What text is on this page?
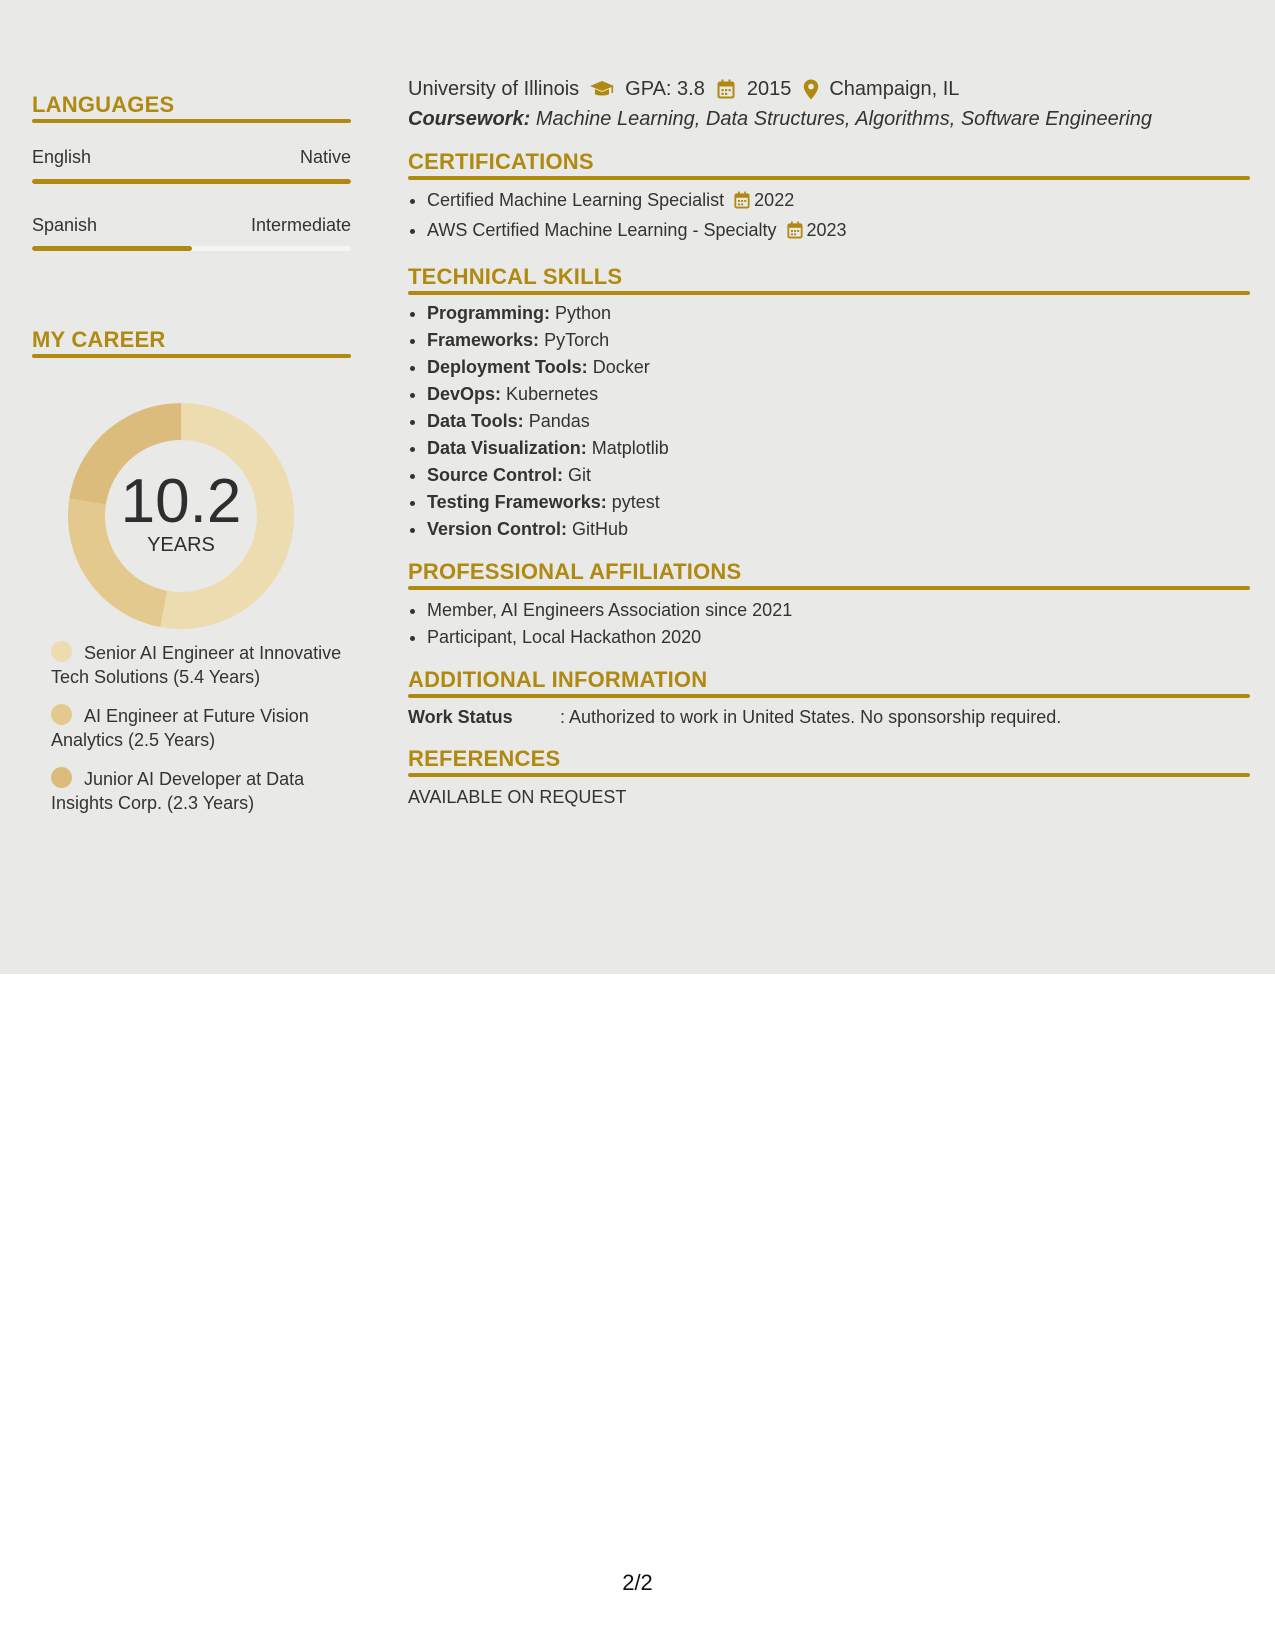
LANGUAGES
English	Native
Spanish	Intermediate
MY CAREER
10.2
YEARS
Senior AI Engineer at Innovative Tech Solutions (5.4 Years)
AI Engineer at Future Vision Analytics (2.5 Years)
Junior AI Developer at Data Insights Corp. (2.3 Years)
University of Illinois GPA: 3.8 2015 Champaign, IL
Coursework: Machine Learning, Data Structures, Algorithms, Software Engineering
CERTIFICATIONS
• Certified Machine Learning Specialist 2022
• AWS Certified Machine Learning - Specialty 2023
TECHNICAL SKILLS
• Programming: Python
• Frameworks: PyTorch
• Deployment Tools: Docker
• DevOps: Kubernetes
• Data Tools: Pandas
• Data Visualization: Matplotlib
• Source Control: Git
• Testing Frameworks: pytest
• Version Control: GitHub
PROFESSIONAL AFFILIATIONS
• Member, AI Engineers Association since 2021
• Participant, Local Hackathon 2020
ADDITIONAL INFORMATION
Work Status	: Authorized to work in United States. No sponsorship required.
REFERENCES
AVAILABLE ON REQUEST
2/2
